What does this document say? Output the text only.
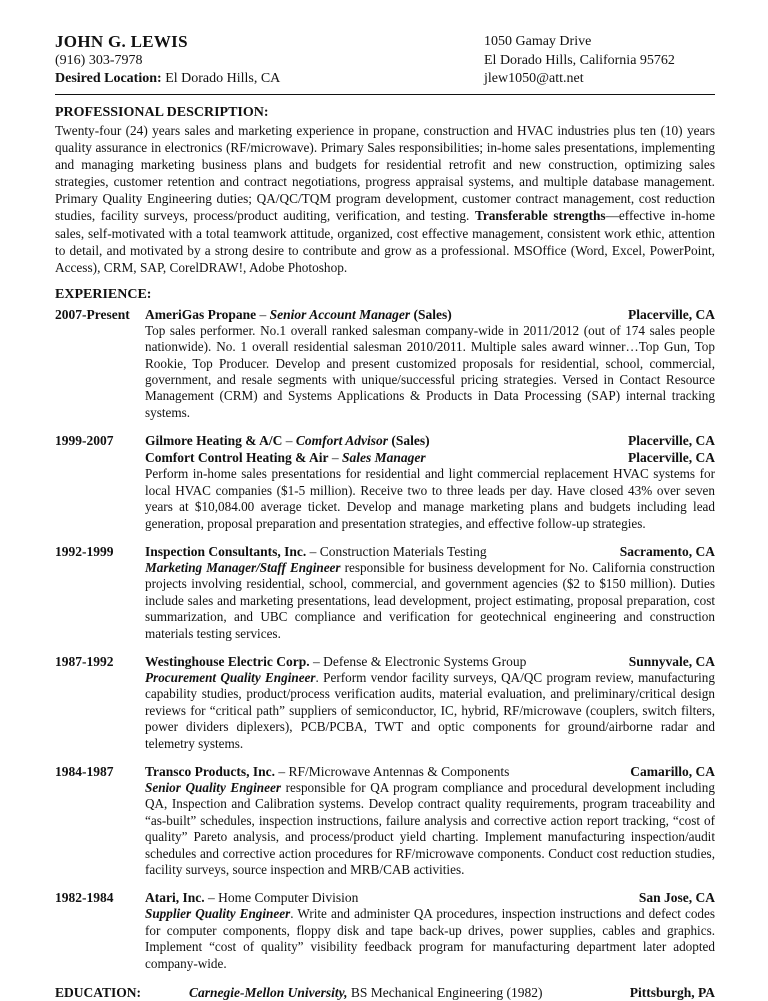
JOHN G. LEWIS
(916) 303-7978
Desired Location: El Dorado Hills, CA
1050 Gamay Drive
El Dorado Hills, California 95762
jlew1050@att.net
PROFESSIONAL DESCRIPTION:
Twenty-four (24) years sales and marketing experience in propane, construction and HVAC industries plus ten (10) years quality assurance in electronics (RF/microwave). Primary Sales responsibilities; in-home sales presentations, implementing and managing marketing business plans and budgets for residential retrofit and new construction, optimizing sales strategies, customer retention and contract negotiations, progress appraisal systems, and multiple database management. Primary Quality Engineering duties; QA/QC/TQM program development, customer contract management, cost reduction studies, facility surveys, process/product auditing, verification, and testing. Transferable strengths—effective in-home sales, self-motivated with a total teamwork attitude, organized, cost effective management, consistent work ethic, attention to detail, and motivated by a strong desire to contribute and grow as a professional. MSOffice (Word, Excel, PowerPoint, Access), CRM, SAP, CorelDRAW!, Adobe Photoshop.
EXPERIENCE:
2007-Present AmeriGas Propane – Senior Account Manager (Sales)	Placerville, CA
Top sales performer. No.1 overall ranked salesman company-wide in 2011/2012 (out of 174 sales people nationwide). No. 1 overall residential salesman 2010/2011. Multiple sales award winner…Top Gun, Top Rookie, Top Producer. Develop and present customized proposals for residential, school, commercial, government, and resale segments with unique/successful pricing strategies. Versed in Contact Resource Management (CRM) and Systems Applications & Products in Data Processing (SAP) internal tracking systems.
1999-2007 Gilmore Heating & A/C – Comfort Advisor (Sales)	Placerville, CA
Comfort Control Heating & Air – Sales Manager	Placerville, CA
Perform in-home sales presentations for residential and light commercial replacement HVAC systems for local HVAC companies ($1-5 million). Receive two to three leads per day. Have closed 43% over seven years at $10,084.00 average ticket. Develop and manage marketing plans and budgets including lead generation, proposal preparation and presentation strategies, and effective follow-up strategies.
1992-1999 Inspection Consultants, Inc. – Construction Materials Testing	Sacramento, CA
Marketing Manager/Staff Engineer responsible for business development for No. California construction projects involving residential, school, commercial, and government agencies ($2 to $150 million). Duties include sales and marketing presentations, lead development, project estimating, proposal preparation, cost summarization, and UBC compliance and verification for geotechnical engineering and construction materials testing services.
1987-1992 Westinghouse Electric Corp. – Defense & Electronic Systems Group	Sunnyvale, CA
Procurement Quality Engineer. Perform vendor facility surveys, QA/QC program review, manufacturing capability studies, product/process verification audits, material evaluation, and preliminary/critical design reviews for “critical path” suppliers of semiconductor, IC, hybrid, RF/microwave (couplers, switch filters, power dividers diplexers), PCB/PCBA, TWT and optic components for ground/airborne radar and telemetry systems.
1984-1987 Transco Products, Inc. – RF/Microwave Antennas & Components	Camarillo, CA
Senior Quality Engineer responsible for QA program compliance and procedural development including QA, Inspection and Calibration systems. Develop contract quality requirements, program traceability and “as-built” schedules, inspection instructions, failure analysis and corrective action report tracking, “cost of quality” Pareto analysis, and process/product yield charting. Implement manufacturing inspection/audit schedules and corrective action procedures for RF/microwave components. Conduct cost reduction studies, facility surveys, source inspection and MRB/CAB activities.
1982-1984 Atari, Inc. – Home Computer Division	San Jose, CA
Supplier Quality Engineer. Write and administer QA procedures, inspection instructions and defect codes for computer components, floppy disk and tape back-up drives, power supplies, cables and graphics. Implement “cost of quality” visibility feedback program for manufacturing department later adopted company-wide.
EDUCATION:	Carnegie-Mellon University, BS Mechanical Engineering (1982)	Pittsburgh, PA
